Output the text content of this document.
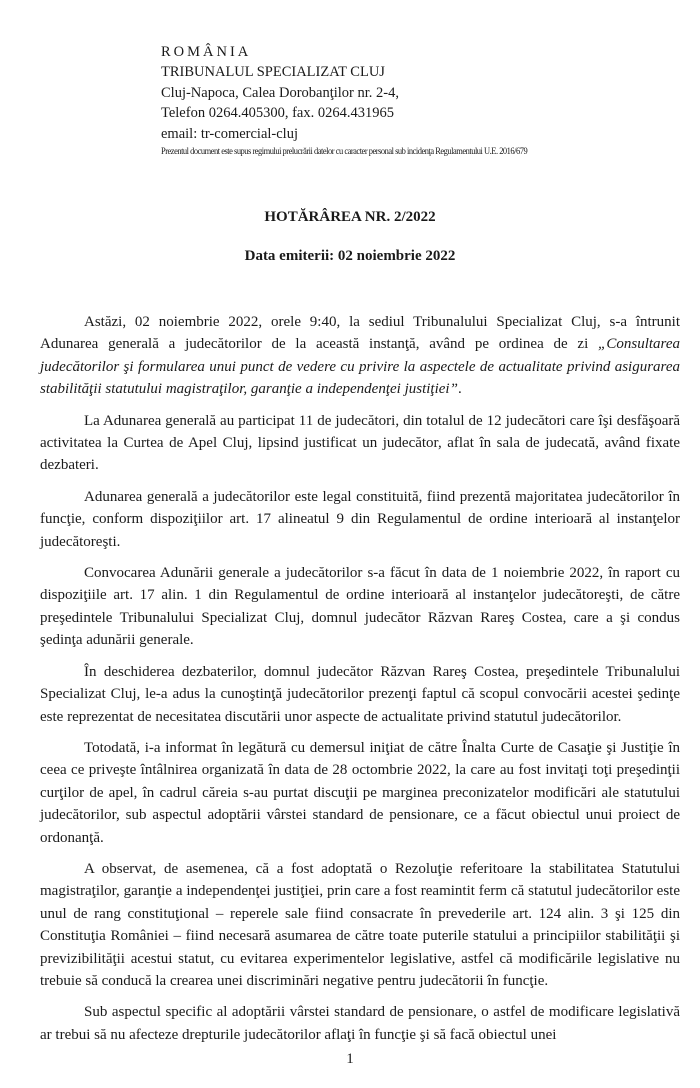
ROMÂNIA
TRIBUNALUL SPECIALIZAT CLUJ
Cluj-Napoca, Calea Dorobanţilor nr. 2-4,
Telefon 0264.405300, fax. 0264.431965
email: tr-comercial-cluj
Prezentul document este supus regimului prelucrării datelor cu caracter personal sub incidenţa Regulamentului U.E. 2016/679
HOTĂRÂREA NR. 2/2022
Data emiterii: 02 noiembrie 2022

Astăzi, 02 noiembrie 2022, orele 9:40, la sediul Tribunalului Specializat Cluj, s-a întrunit Adunarea generală a judecătorilor de la această instanţă, având pe ordinea de zi „Consultarea judecătorilor şi formularea unui punct de vedere cu privire la aspectele de actualitate privind asigurarea stabilităţii statutului magistraţilor, garanţie a independenţei justiţiei”.

La Adunarea generală au participat 11 de judecători, din totalul de 12 judecători care îşi desfăşoară activitatea la Curtea de Apel Cluj, lipsind justificat un judecător, aflat în sala de judecată, având fixate dezbateri.

Adunarea generală a judecătorilor este legal constituită, fiind prezentă majoritatea judecătorilor în funcţie, conform dispoziţiilor art. 17 alineatul 9 din Regulamentul de ordine interioară al instanţelor judecătoreşti.

Convocarea Adunării generale a judecătorilor s-a făcut în data de 1 noiembrie 2022, în raport cu dispoziţiile art. 17 alin. 1 din Regulamentul de ordine interioară al instanţelor judecătoreşti, de către preşedintele Tribunalului Specializat Cluj, domnul judecător Răzvan Rareş Costea, care a şi condus şedinţa adunării generale.

În deschiderea dezbaterilor, domnul judecător Răzvan Rareş Costea, preşedintele Tribunalului Specializat Cluj, le-a adus la cunoştinţă judecătorilor prezenţi faptul că scopul convocării acestei şedinţe este reprezentat de necesitatea discutării unor aspecte de actualitate privind statutul judecătorilor.

Totodată, i-a informat în legătură cu demersul iniţiat de către Înalta Curte de Casaţie şi Justiţie în ceea ce priveşte întâlnirea organizată în data de 28 octombrie 2022, la care au fost invitaţi toţi preşedinţii curţilor de apel, în cadrul căreia s-au purtat discuţii pe marginea preconizatelor modificări ale statutului judecătorilor, sub aspectul adoptării vârstei standard de pensionare, ce a făcut obiectul unui proiect de ordonanţă.

A observat, de asemenea, că a fost adoptată o Rezoluţie referitoare la stabilitatea Statutului magistraţilor, garanţie a independenţei justiţiei, prin care a fost reamintit ferm că statutul judecătorilor este unul de rang constituţional – reperele sale fiind consacrate în prevederile art. 124 alin. 3 şi 125 din Constituţia României – fiind necesară asumarea de către toate puterile statului a principiilor stabilităţii şi previzibilităţii acestui statut, cu evitarea experimentelor legislative, astfel că modificările legislative nu trebuie să conducă la crearea unei discriminări negative pentru judecătorii în funcţie.

Sub aspectul specific al adoptării vârstei standard de pensionare, o astfel de modificare legislativă ar trebui să nu afecteze drepturile judecătorilor aflaţi în funcţie şi să facă obiectul unei

1
